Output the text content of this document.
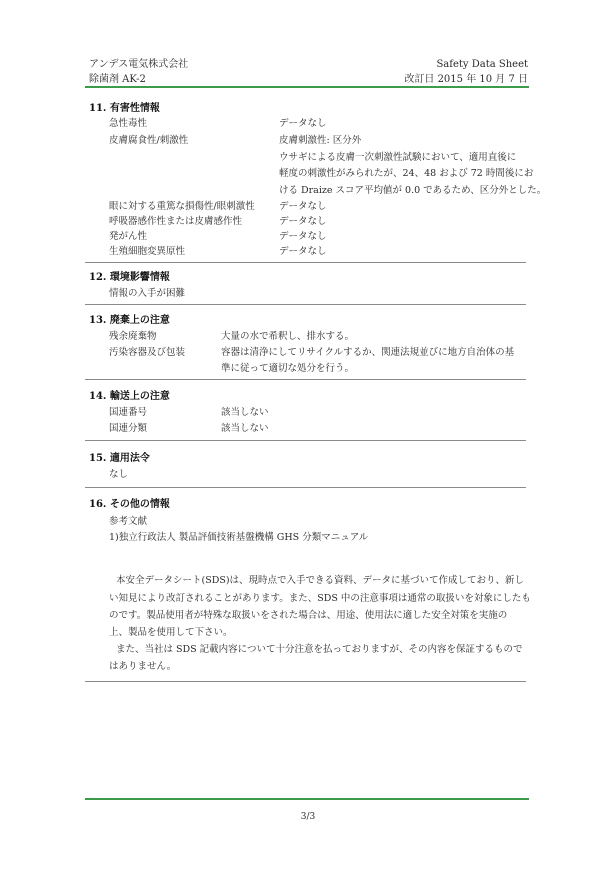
アンデス電気株式会社
除菌剤 AK-2
Safety Data Sheet
改訂日 2015 年 10 月 7 日
11. 有害性情報
急性毒性	データなし
皮膚腐食性/刺激性	皮膚刺激性: 区分外
ウサギによる皮膚一次刺激性試験において、適用直後に
軽度の刺激性がみられたが、24、48 および 72 時間後にお
ける Draize スコア平均値が 0.0 であるため、区分外とした。
眼に対する重篤な損傷性/眼刺激性	データなし
呼吸器感作性または皮膚感作性	データなし
発がん性	データなし
生殖細胞変異原性	データなし
12. 環境影響情報
情報の入手が困難
13. 廃棄上の注意
残余廃棄物	大量の水で希釈し、排水する。
汚染容器及び包装	容器は清浄にしてリサイクルするか、関連法規並びに地方自治体の基
準に従って適切な処分を行う。
14. 輸送上の注意
国連番号	該当しない
国連分類	該当しない
15. 適用法令
なし
16. その他の情報
参考文献
1)独立行政法人 製品評価技術基盤機構 GHS 分類マニュアル
本安全データシート(SDS)は、現時点で入手できる資料、データに基づいて作成しており、新し
い知見により改訂されることがあります。また、SDS 中の注意事項は通常の取扱いを対象にしたも
のです。製品使用者が特殊な取扱いをされた場合は、用途、使用法に適した安全対策を実施の
上、製品を使用して下さい。
また、当社は SDS 記載内容について十分注意を払っておりますが、その内容を保証するもので
はありません。
3/3
